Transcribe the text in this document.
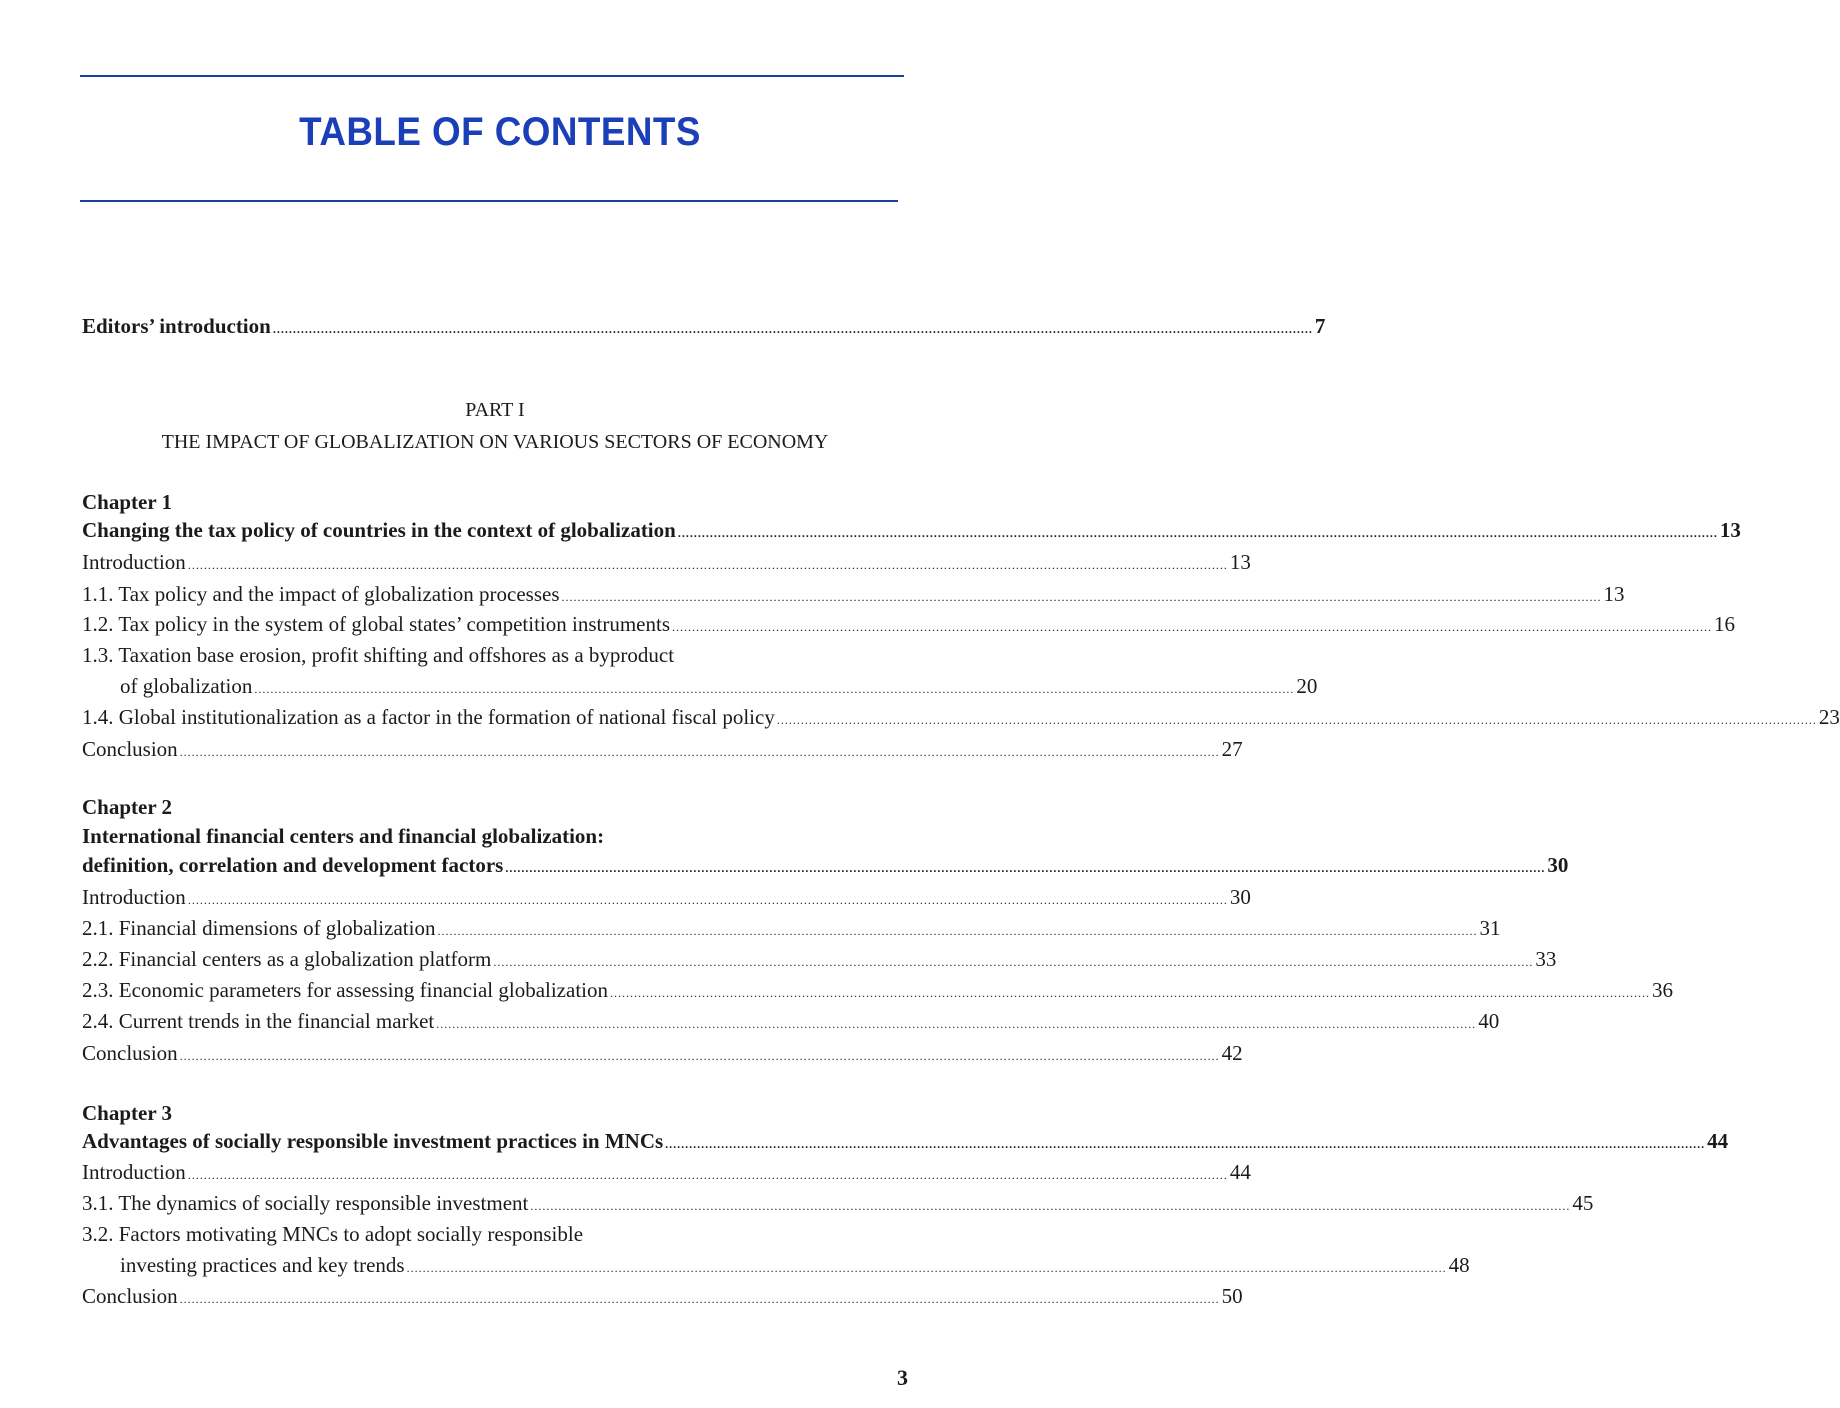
TABLE OF CONTENTS
Editors’ introduction .................................................................................................................................................................................................................................................................... 7
PART I
THE IMPACT OF GLOBALIZATION ON VARIOUS SECTORS OF ECONOMY
Chapter 1
Changing the tax policy of countries in the context of globalization .................................................................................................................................................................................................................................................................... 13
Introduction .................................................................................................................................................................................................................................................................... 13
1.1. Tax policy and the impact of globalization processes .................................................................................................................................................................................................................................................................... 13
1.2. Tax policy in the system of global states’ competition instruments .................................................................................................................................................................................................................................................................... 16
1.3. Taxation base erosion, profit shifting and offshores as a byproduct
of globalization .................................................................................................................................................................................................................................................................... 20
1.4. Global institutionalization as a factor in the formation of national fiscal policy .................................................................................................................................................................................................................................................................... 23
Conclusion .................................................................................................................................................................................................................................................................... 27
Chapter 2
International financial centers and financial globalization:
definition, correlation and development factors .................................................................................................................................................................................................................................................................... 30
Introduction .................................................................................................................................................................................................................................................................... 30
2.1. Financial dimensions of globalization .................................................................................................................................................................................................................................................................... 31
2.2. Financial centers as a globalization platform .................................................................................................................................................................................................................................................................... 33
2.3. Economic parameters for assessing financial globalization .................................................................................................................................................................................................................................................................... 36
2.4. Current trends in the financial market .................................................................................................................................................................................................................................................................... 40
Conclusion .................................................................................................................................................................................................................................................................... 42
Chapter 3
Advantages of socially responsible investment practices in MNCs .................................................................................................................................................................................................................................................................... 44
Introduction .................................................................................................................................................................................................................................................................... 44
3.1. The dynamics of socially responsible investment .................................................................................................................................................................................................................................................................... 45
3.2. Factors motivating MNCs to adopt socially responsible
investing practices and key trends .................................................................................................................................................................................................................................................................... 48
Conclusion .................................................................................................................................................................................................................................................................... 50
3
